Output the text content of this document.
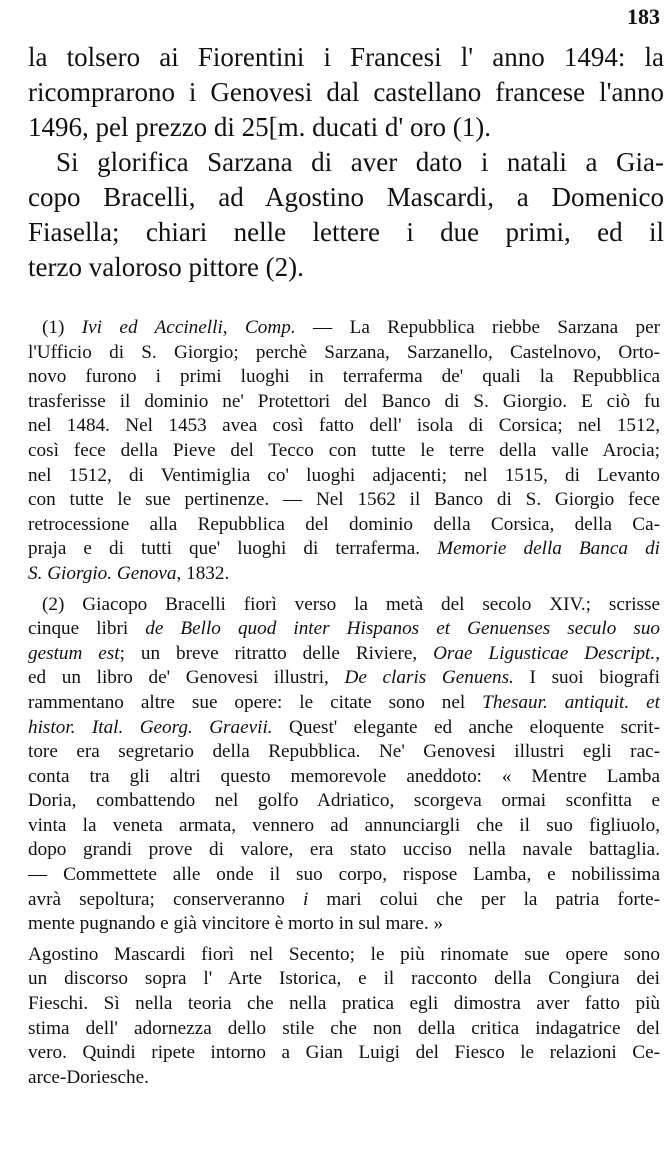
183
la tolsero ai Fiorentini i Francesi l' anno 1494: la
ricomprarono i Genovesi dal castellano francese l'anno
1496, pel prezzo di 25[m. ducati d' oro (1).
Si glorifica Sarzana di aver dato i natali a Gia-
copo Bracelli, ad Agostino Mascardi, a Domenico
Fiasella; chiari nelle lettere i due primi, ed il
terzo valoroso pittore (2).
(1) Ivi ed Accinelli, Comp. — La Repubblica riebbe Sarzana per
l'Ufficio di S. Giorgio; perchè Sarzana, Sarzanello, Castelnovo, Orto-
novo furono i primi luoghi in terraferma de' quali la Repubblica
trasferisse il dominio ne' Protettori del Banco di S. Giorgio. E ciò fu
nel 1484. Nel 1453 avea così fatto dell' isola di Corsica; nel 1512,
così fece della Pieve del Tecco con tutte le terre della valle Arocia;
nel 1512, di Ventimiglia co' luoghi adjacenti; nel 1515, di Levanto
con tutte le sue pertinenze. — Nel 1562 il Banco di S. Giorgio fece
retrocessione alla Repubblica del dominio della Corsica, della Ca-
praja e di tutti que' luoghi di terraferma. Memorie della Banca di
S. Giorgio. Genova, 1832.
(2) Giacopo Bracelli fiorì verso la metà del secolo XIV.; scrisse
cinque libri de Bello quod inter Hispanos et Genuenses seculo suo
gestum est; un breve ritratto delle Riviere, Orae Ligusticae Descript.,
ed un libro de' Genovesi illustri, De claris Genuens. I suoi biografi
rammentano altre sue opere: le citate sono nel Thesaur. antiquit. et
histor. Ital. Georg. Graevii. Quest' elegante ed anche eloquente scrit-
tore era segretario della Repubblica. Ne' Genovesi illustri egli rac-
conta tra gli altri questo memorevole aneddoto: « Mentre Lamba
Doria, combattendo nel golfo Adriatico, scorgeva ormai sconfitta e
vinta la veneta armata, vennero ad annunciargli che il suo figliuolo,
dopo grandi prove di valore, era stato ucciso nella navale battaglia.
— Commettete alle onde il suo corpo, rispose Lamba, e nobilissima
avrà sepoltura; conserveranno i mari colui che per la patria forte-
mente pugnando e già vincitore è morto in sul mare. »
Agostino Mascardi fiorì nel Secento; le più rinomate sue opere sono
un discorso sopra l' Arte Istorica, e il racconto della Congiura dei
Fieschi. Sì nella teoria che nella pratica egli dimostra aver fatto più
stima dell' adornezza dello stile che non della critica indagatrice del
vero. Quindi ripete intorno a Gian Luigi del Fiesco le relazioni Ce-
arce-Doriesche.
